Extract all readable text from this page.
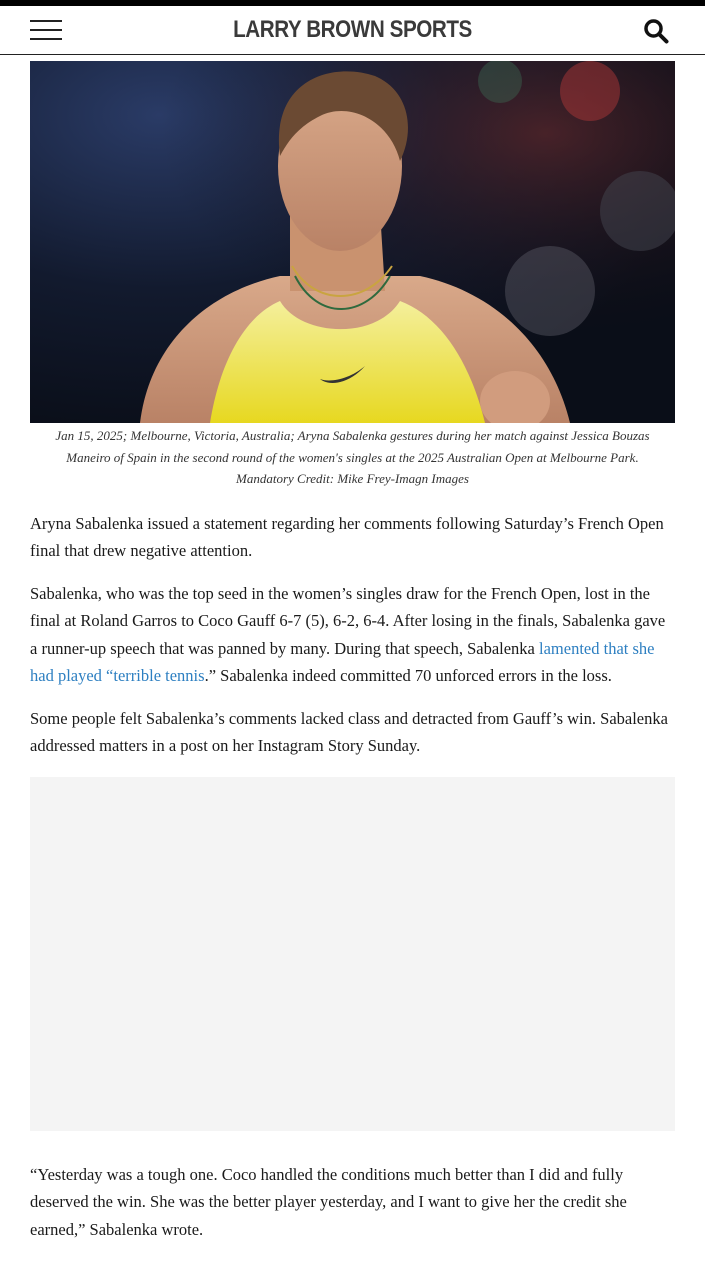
LARRY BROWN SPORTS
Jan 15, 2025; Melbourne, Victoria, Australia; Aryna Sabalenka gestures during her match against Jessica Bouzas Maneiro of Spain in the second round of the women's singles at the 2025 Australian Open at Melbourne Park. Mandatory Credit: Mike Frey-Imagn Images

Aryna Sabalenka issued a statement regarding her comments following Saturday’s French Open final that drew negative attention.

Sabalenka, who was the top seed in the women’s singles draw for the French Open, lost in the final at Roland Garros to Coco Gauff 6-7 (5), 6-2, 6-4. After losing in the finals, Sabalenka gave a runner-up speech that was panned by many. During that speech, Sabalenka lamented that she had played “terrible tennis.” Sabalenka indeed committed 70 unforced errors in the loss.

Some people felt Sabalenka’s comments lacked class and detracted from Gauff’s win. Sabalenka addressed matters in a post on her Instagram Story Sunday.

“Yesterday was a tough one. Coco handled the conditions much better than I did and fully deserved the win. She was the better player yesterday, and I want to give her the credit she earned,” Sabalenka wrote.
